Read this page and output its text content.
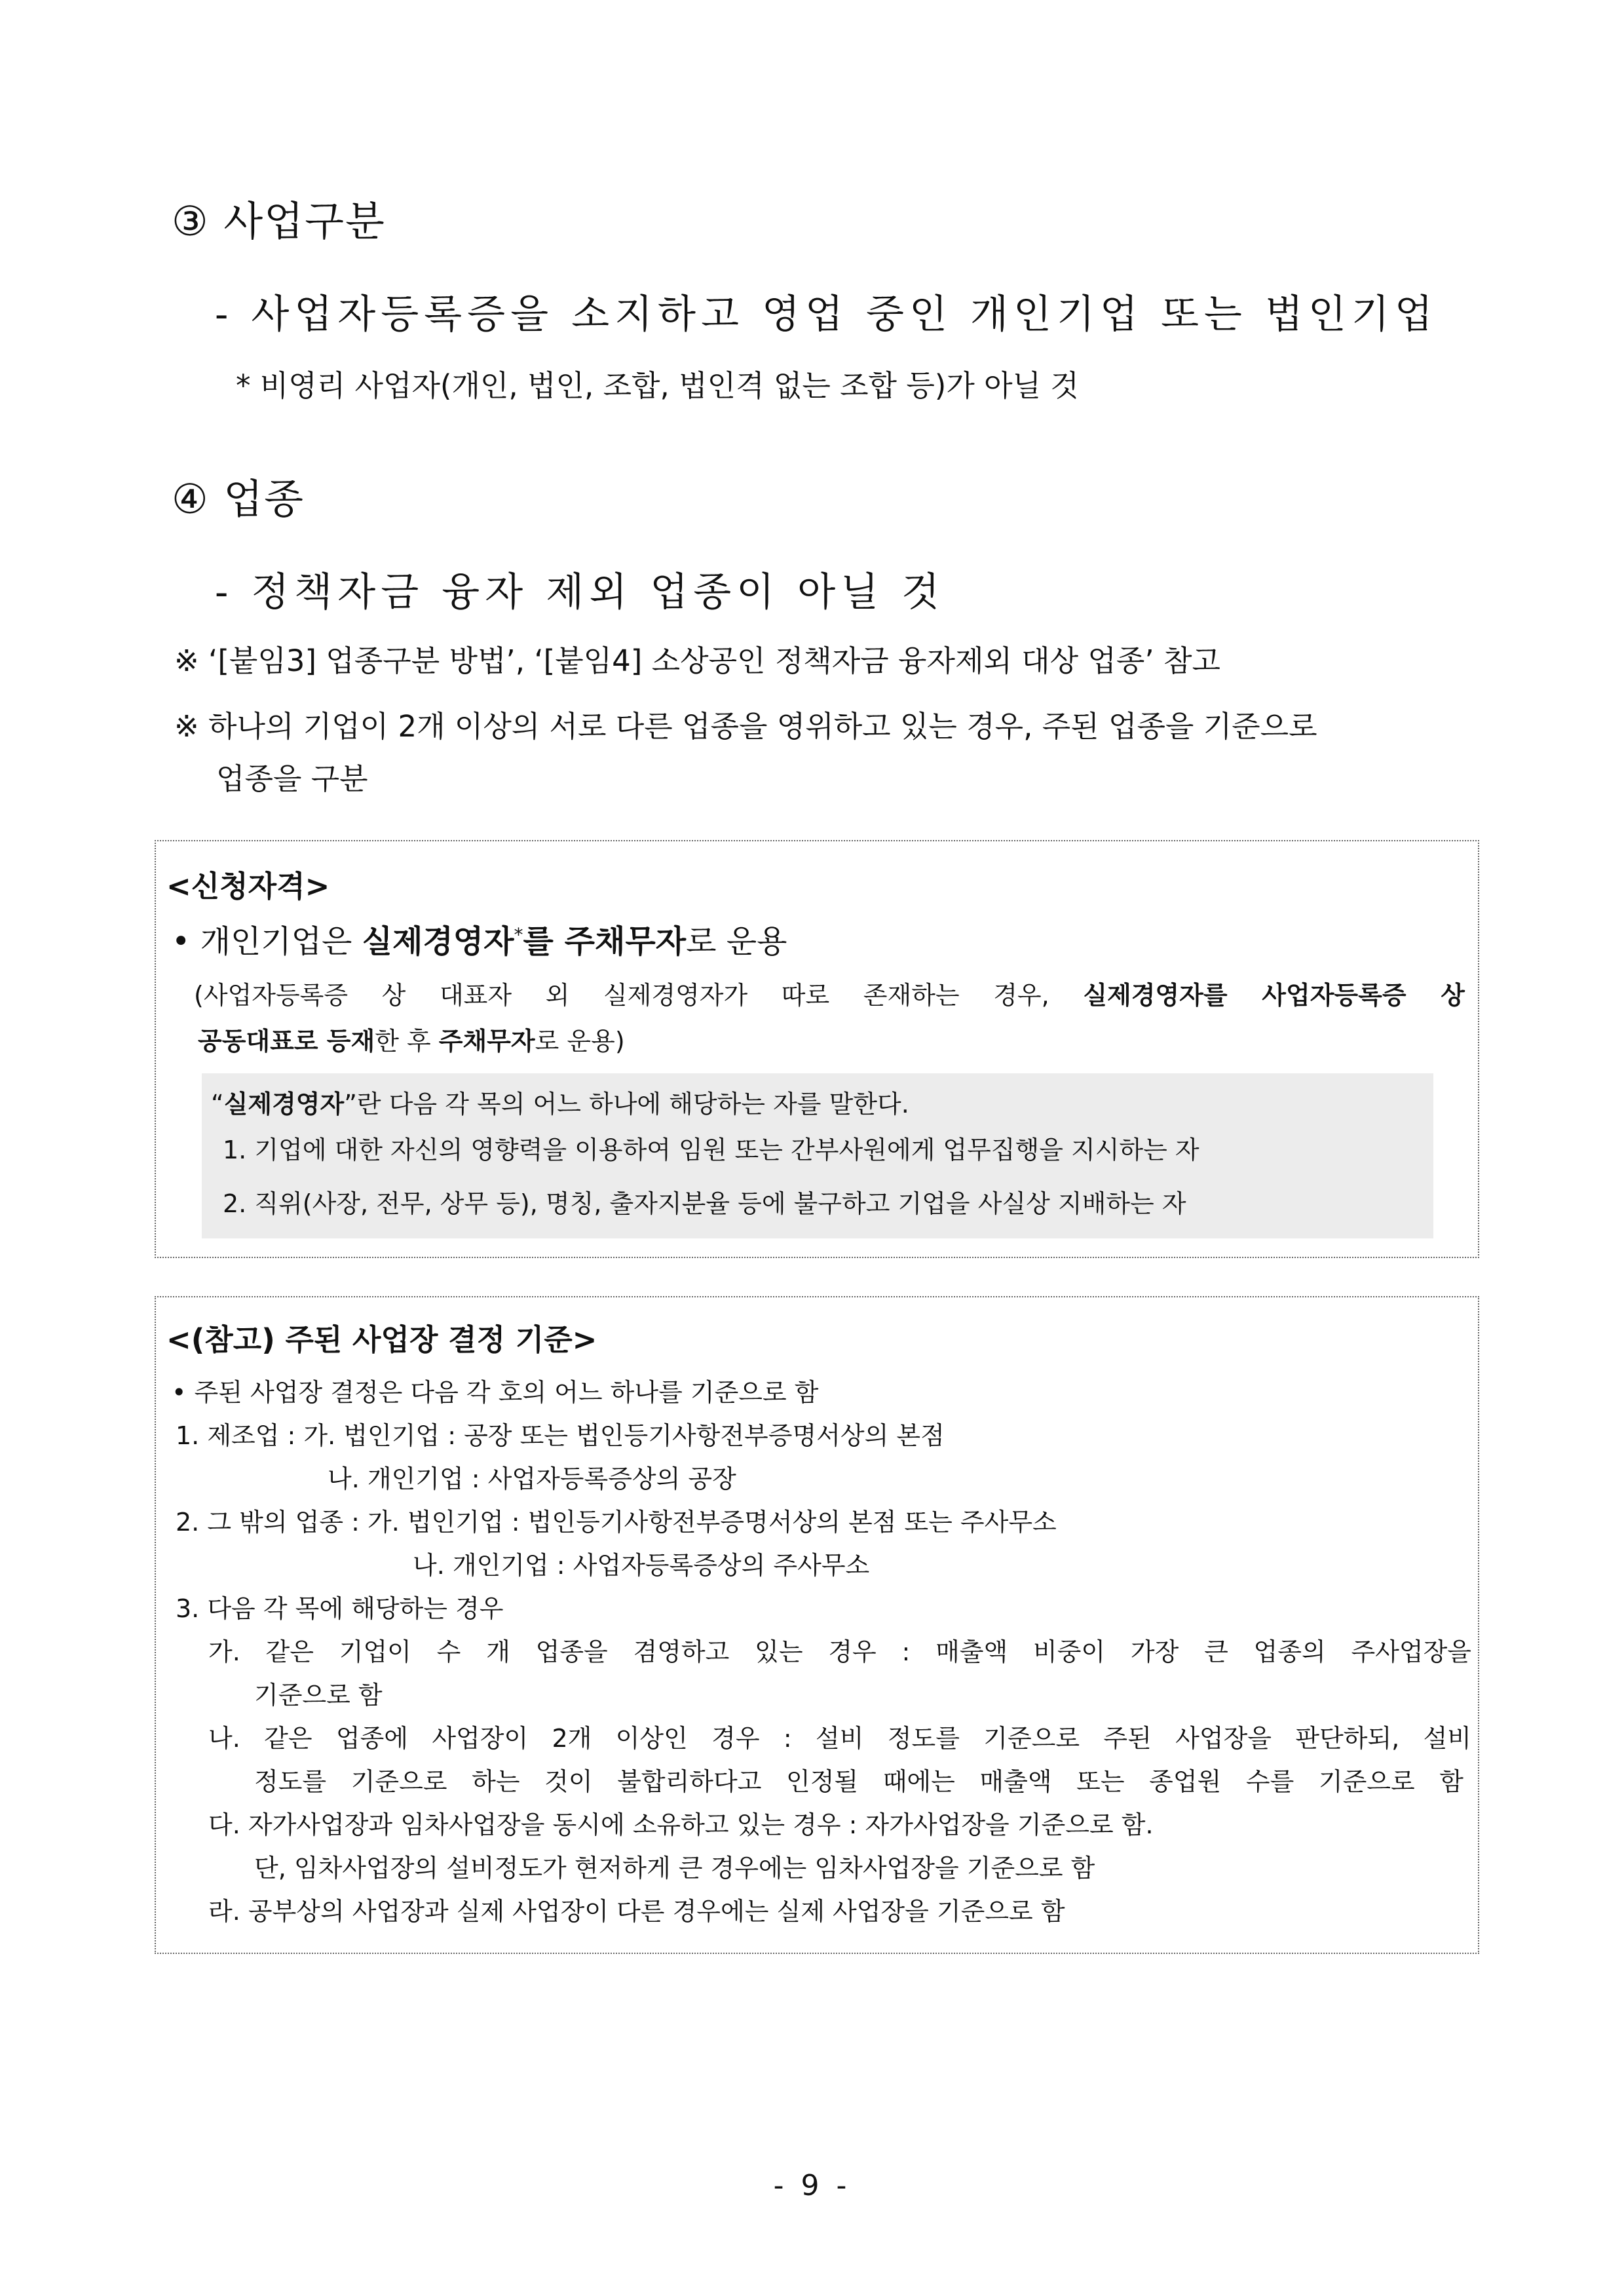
③ 사업구분
- 사업자등록증을 소지하고 영업 중인 개인기업 또는 법인기업
* 비영리 사업자(개인, 법인, 조합, 법인격 없는 조합 등)가 아닐 것
④ 업종
- 정책자금 융자 제외 업종이 아닐 것
※ ‘[붙임3] 업종구분 방법’, ‘[붙임4] 소상공인 정책자금 융자제외 대상 업종’ 참고
※ 하나의 기업이 2개 이상의 서로 다른 업종을 영위하고 있는 경우, 주된 업종을 기준으로
업종을 구분
<신청자격>
• 개인기업은 실제경영자*를 주채무자로 운용
(사업자등록증 상 대표자 외 실제경영자가 따로 존재하는 경우, 실제경영자를 사업자등록증 상
공동대표로 등재한 후 주채무자로 운용)
“실제경영자”란 다음 각 목의 어느 하나에 해당하는 자를 말한다.
1. 기업에 대한 자신의 영향력을 이용하여 임원 또는 간부사원에게 업무집행을 지시하는 자
2. 직위(사장, 전무, 상무 등), 명칭, 출자지분율 등에 불구하고 기업을 사실상 지배하는 자
<(참고) 주된 사업장 결정 기준>
• 주된 사업장 결정은 다음 각 호의 어느 하나를 기준으로 함
1. 제조업 : 가. 법인기업 : 공장 또는 법인등기사항전부증명서상의 본점
나. 개인기업 : 사업자등록증상의 공장
2. 그 밖의 업종 : 가. 법인기업 : 법인등기사항전부증명서상의 본점 또는 주사무소
나. 개인기업 : 사업자등록증상의 주사무소
3. 다음 각 목에 해당하는 경우
가. 같은 기업이 수 개 업종을 겸영하고 있는 경우 : 매출액 비중이 가장 큰 업종의 주사업장을
기준으로 함
나. 같은 업종에 사업장이 2개 이상인 경우 : 설비 정도를 기준으로 주된 사업장을 판단하되, 설비
정도를 기준으로 하는 것이 불합리하다고 인정될 때에는 매출액 또는 종업원 수를 기준으로 함
다. 자가사업장과 임차사업장을 동시에 소유하고 있는 경우 : 자가사업장을 기준으로 함.
단, 임차사업장의 설비정도가 현저하게 큰 경우에는 임차사업장을 기준으로 함
라. 공부상의 사업장과 실제 사업장이 다른 경우에는 실제 사업장을 기준으로 함
- 9 -
